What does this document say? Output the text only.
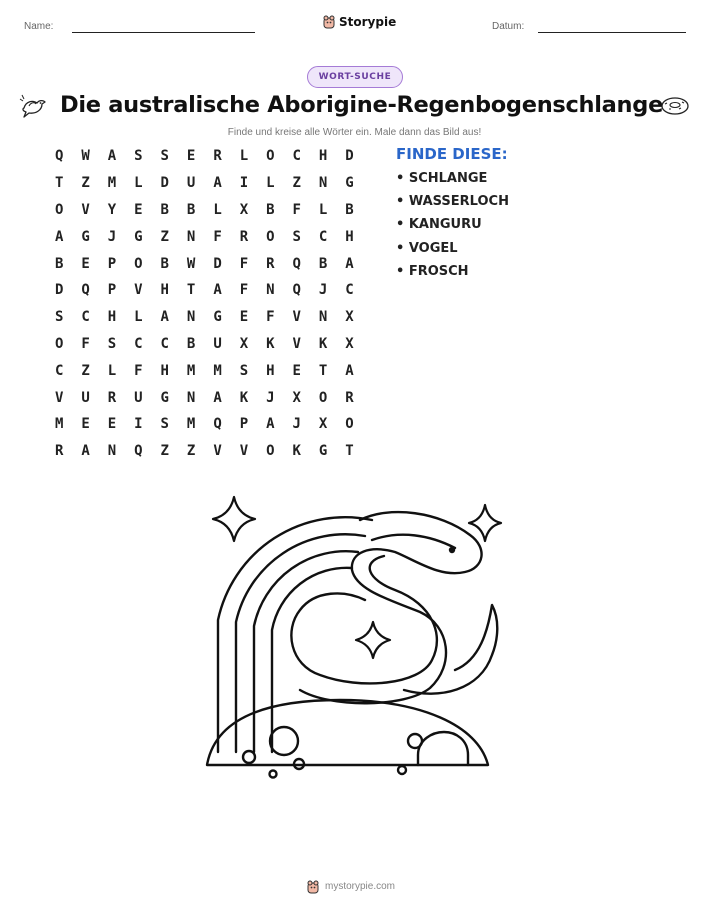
Name:	Storypie	Datum:
WORT-SUCHE
Die australische Aborigine-Regenbogenschlange
Finde und kreise alle Wörter ein. Male dann das Bild aus!
Q	W	A	S	S	E	R	L	O	C	H	D
T	Z	M	L	D	U	A	I	L	Z	N	G
O	V	Y	E	B	B	L	X	B	F	L	B
A	G	J	G	Z	N	F	R	O	S	C	H
B	E	P	O	B	W	D	F	R	Q	B	A
D	Q	P	V	H	T	A	F	N	Q	J	C
S	C	H	L	A	N	G	E	F	V	N	X
O	F	S	C	C	B	U	X	K	V	K	X
C	Z	L	F	H	M	M	S	H	E	T	A
V	U	R	U	G	N	A	K	J	X	O	R
M	E	E	I	S	M	Q	P	A	J	X	O
R	A	N	Q	Z	Z	V	V	O	K	G	T
FINDE DIESE:
• SCHLANGE
• WASSERLOCH
• KANGURU
• VOGEL
• FROSCH
mystorypie.com
